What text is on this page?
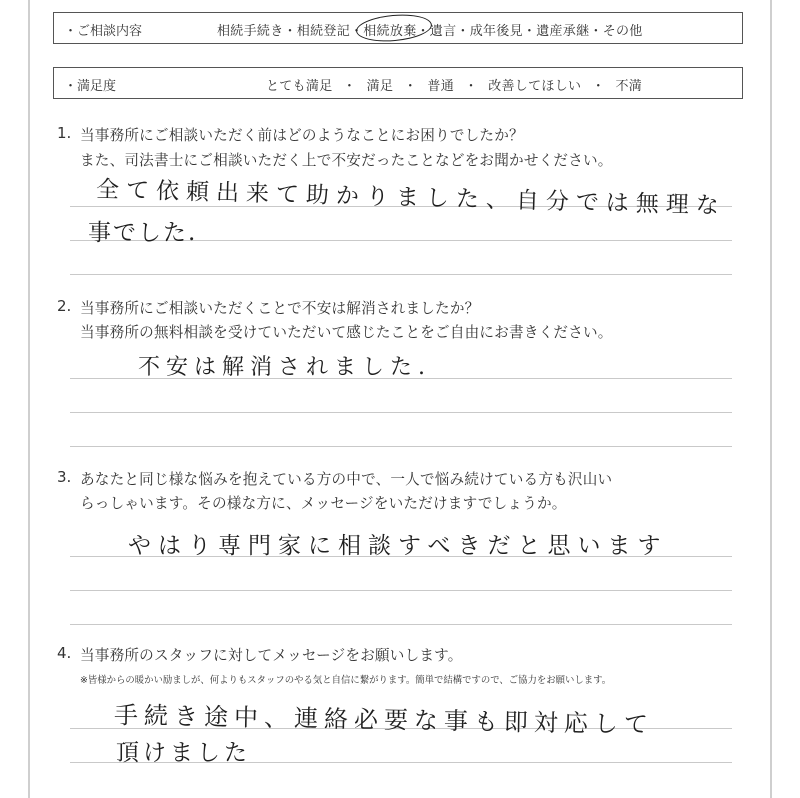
・ご相談内容	相続手続き・相続登記・相続放棄・遺言・成年後見・遺産承継・その他
・満足度	とても満足 ・ 満足 ・ 普通 ・ 改善してほしい ・ 不満
1. 当事務所にご相談いただく前はどのようなことにお困りでしたか？
また、司法書士にご相談いただく上で不安だったことなどをお聞かせください。
全て依頼出来て助かりました、自分では無理な
事でした.
2. 当事務所にご相談いただくことで不安は解消されましたか？
当事務所の無料相談を受けていただいて感じたことをご自由にお書きください。
不安は解消されました.
3. あなたと同じ様な悩みを抱えている方の中で、一人で悩み続けている方も沢山い
らっしゃいます。その様な方に、メッセージをいただけますでしょうか。
やはり専門家に相談すべきだと思います
4. 当事務所のスタッフに対してメッセージをお願いします。
※皆様からの暖かい励ましが、何よりもスタッフのやる気と自信に繋がります。簡単で結構ですので、ご協力をお願いします。
手続き途中、連絡必要な事も即対応して
頂けました
